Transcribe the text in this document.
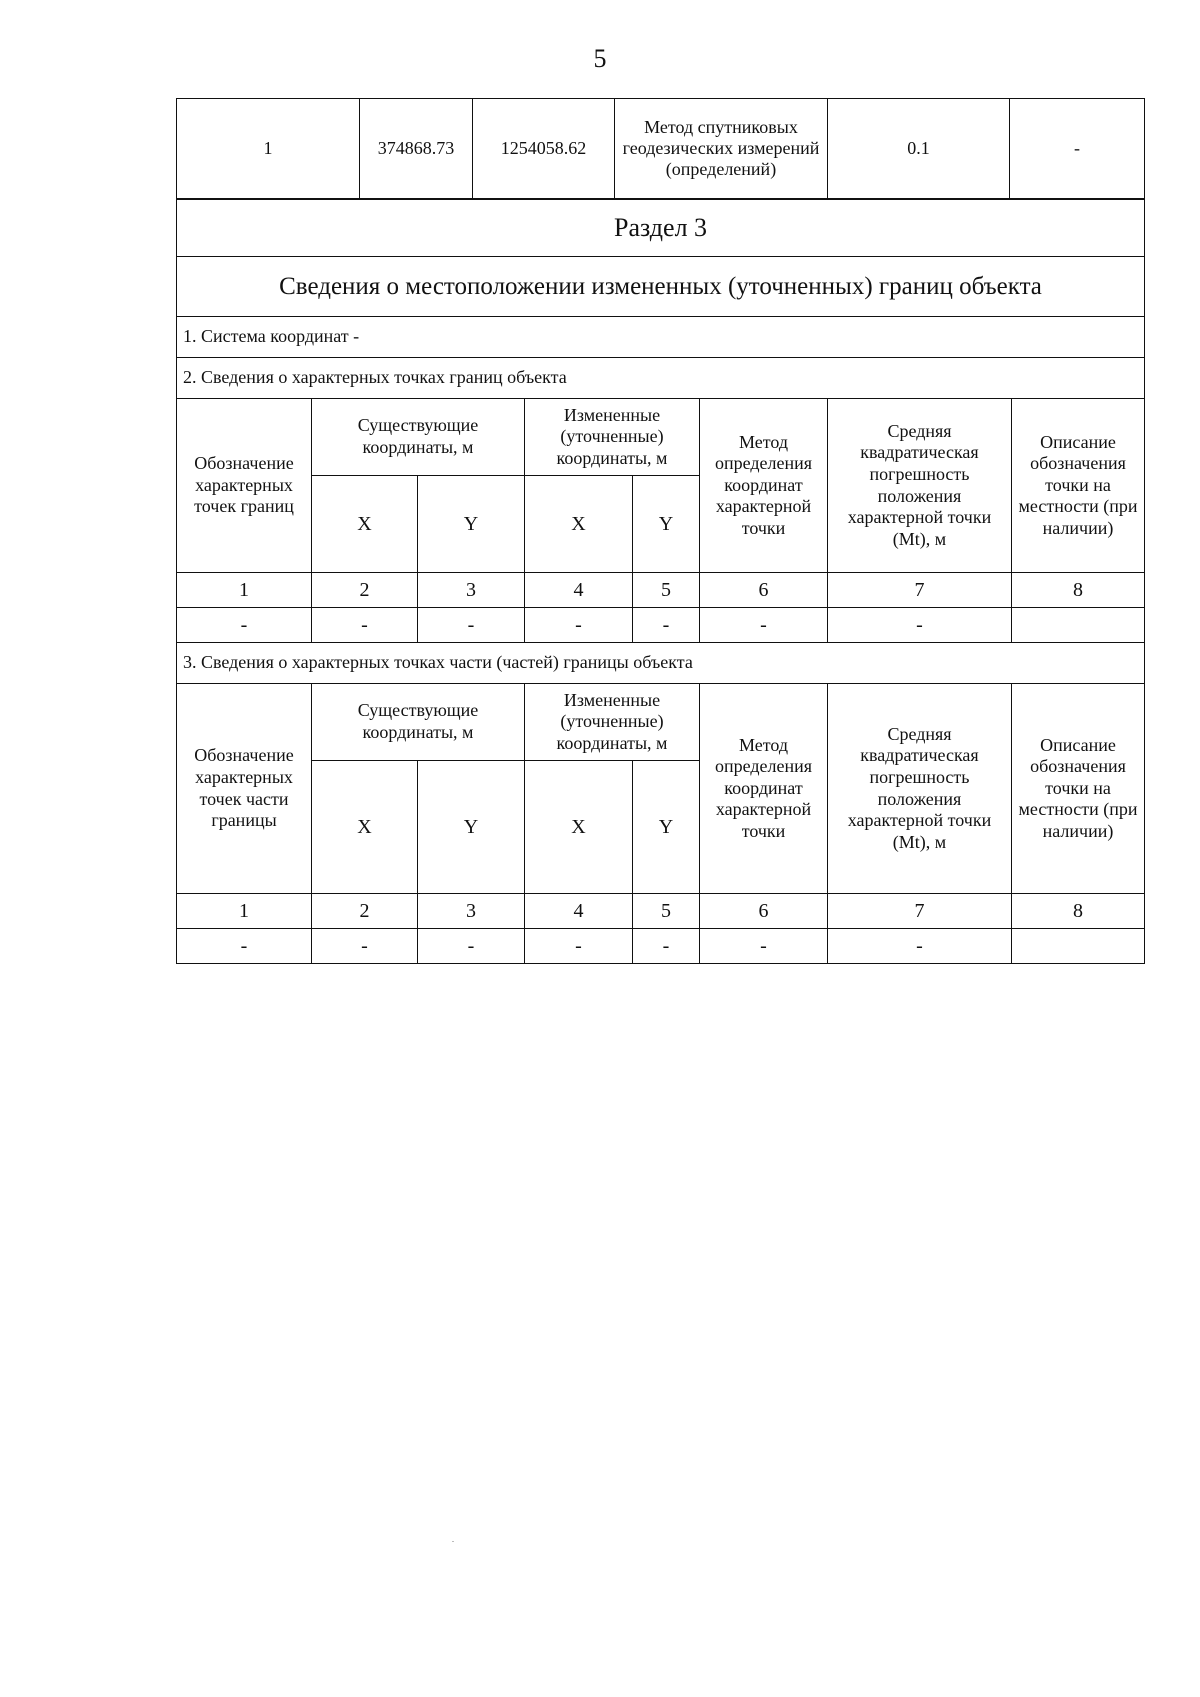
5
1	374868.73	1254058.62	Метод спутниковых геодезических измерений (определений)	0.1	-
Раздел 3							
Сведения о местоположении измененных (уточненных) границ объекта							
1. Система координат -							
2. Сведения о характерных точках границ объекта							
Обозначение характерных точек границ	Существующие координаты, м		Измененные (уточненные) координаты, м		Метод определения координат характерной точки	Средняя квадратическая погрешность положения характерной точки (Mt), м	Описание обозначения точки на местности (при наличии)
	X	Y	X	Y			
1	2	3	4	5	6	7	8
-	-	-	-	-	-	-	
3. Сведения о характерных точках части (частей) границы объекта							
Обозначение характерных точек части границы	Существующие координаты, м		Измененные (уточненные) координаты, м		Метод определения координат характерной точки	Средняя квадратическая погрешность положения характерной точки (Mt), м	Описание обозначения точки на местности (при наличии)
	X	Y	X	Y			
1	2	3	4	5	6	7	8
-	-	-	-	-	-	-	
